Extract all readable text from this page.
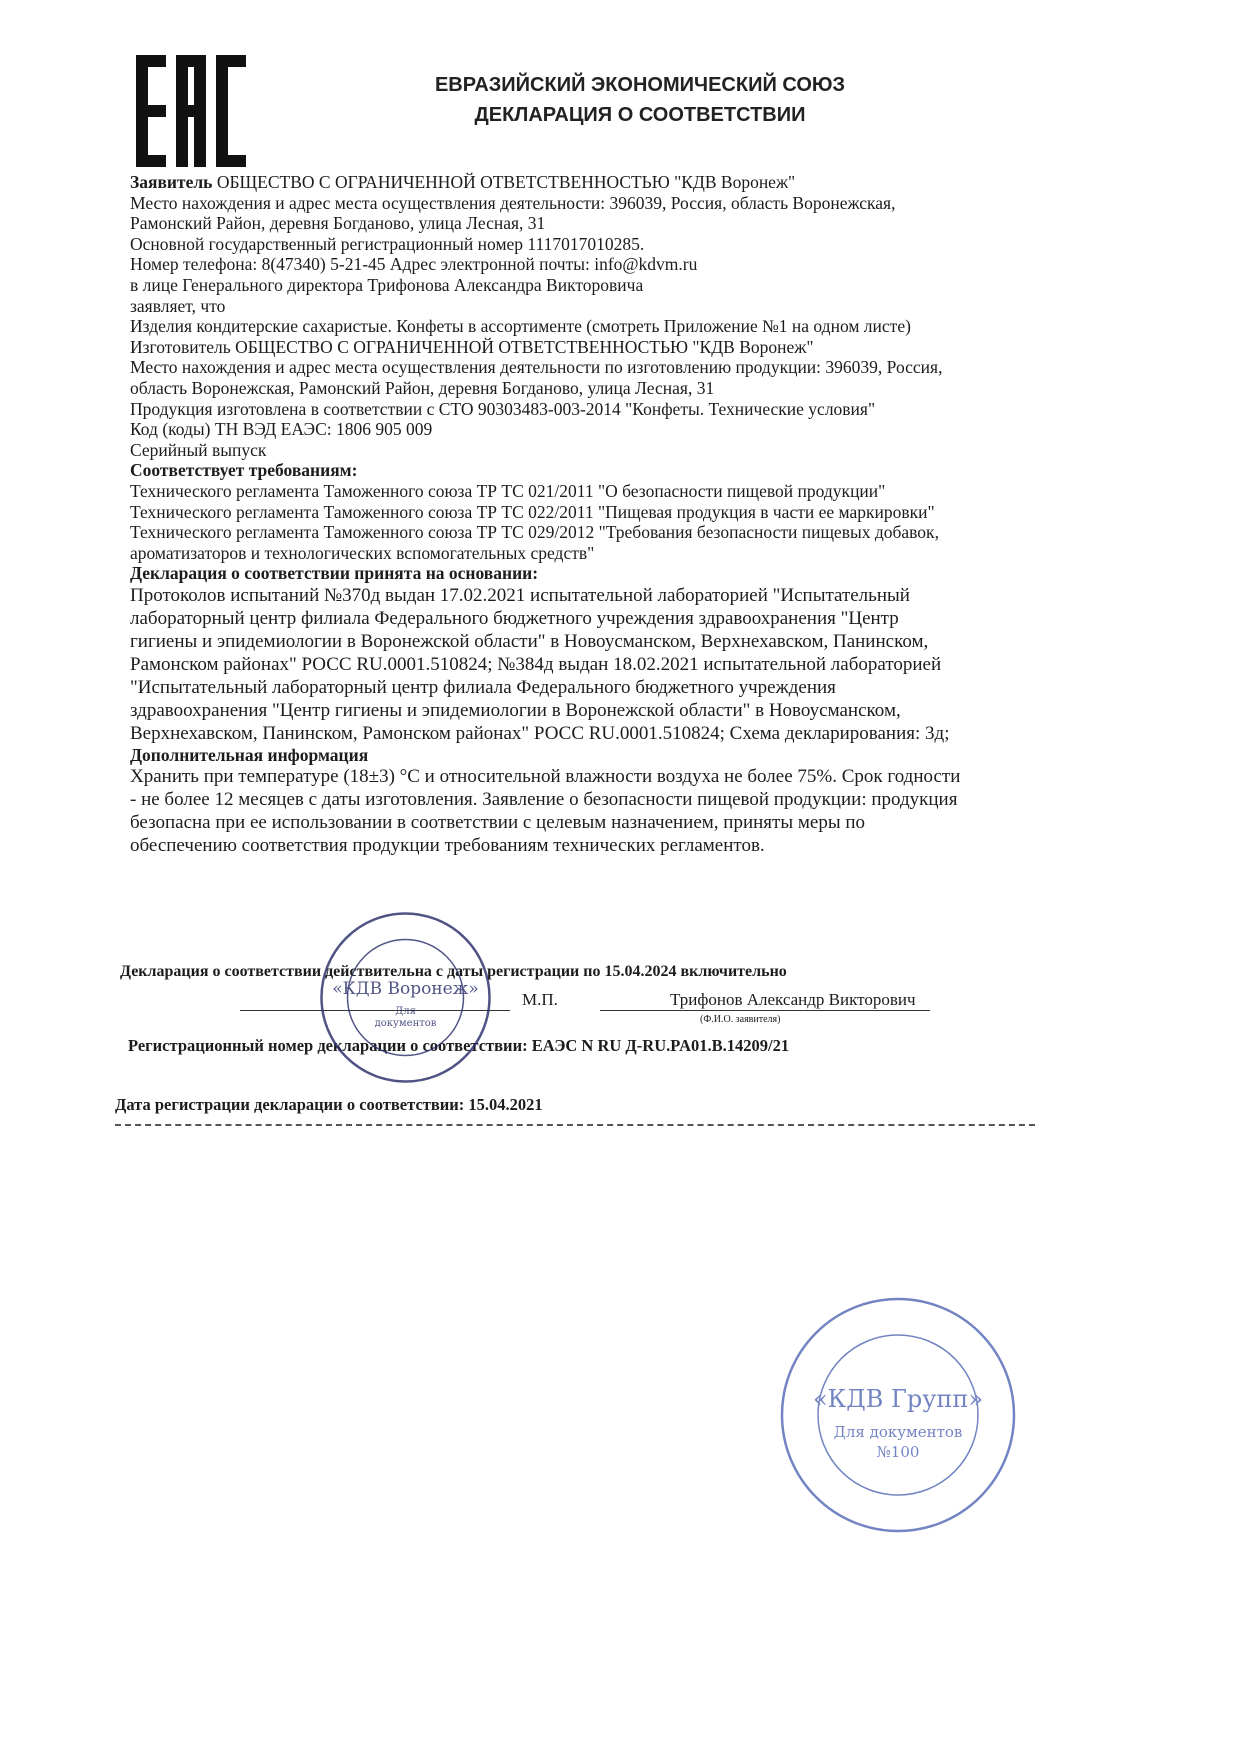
ЕВРАЗИЙСКИЙ ЭКОНОМИЧЕСКИЙ СОЮЗ
ДЕКЛАРАЦИЯ О СООТВЕТСТВИИ
Заявитель ОБЩЕСТВО С ОГРАНИЧЕННОЙ ОТВЕТСТВЕННОСТЬЮ "КДВ Воронеж"
Место нахождения и адрес места осуществления деятельности: 396039, Россия, область Воронежская,
Рамонский Район, деревня Богданово, улица Лесная, 31
Основной государственный регистрационный номер 1117017010285.
Номер телефона: 8(47340) 5-21-45 Адрес электронной почты: info@kdvm.ru
в лице Генерального директора Трифонова Александра Викторовича
заявляет, что
Изделия кондитерские сахаристые. Конфеты в ассортименте (смотреть Приложение №1 на одном листе)
Изготовитель ОБЩЕСТВО С ОГРАНИЧЕННОЙ ОТВЕТСТВЕННОСТЬЮ "КДВ Воронеж"
Место нахождения и адрес места осуществления деятельности по изготовлению продукции: 396039, Россия,
область Воронежская, Рамонский Район, деревня Богданово, улица Лесная, 31
Продукция изготовлена в соответствии с СТО 90303483-003-2014 "Конфеты. Технические условия"
Код (коды) ТН ВЭД ЕАЭС: 1806 905 009
Серийный выпуск
Соответствует требованиям:
Технического регламента Таможенного союза ТР ТС 021/2011 "О безопасности пищевой продукции"
Технического регламента Таможенного союза ТР ТС 022/2011 "Пищевая продукция в части ее маркировки"
Технического регламента Таможенного союза ТР ТС 029/2012 "Требования безопасности пищевых добавок,
ароматизаторов и технологических вспомогательных средств"
Декларация о соответствии принята на основании:
Протоколов испытаний №370д выдан 17.02.2021 испытательной лабораторией "Испытательный
лабораторный центр филиала Федерального бюджетного учреждения здравоохранения "Центр
гигиены и эпидемиологии в Воронежской области" в Новоусманском, Верхнехавском, Панинском,
Рамонском районах" РОСС RU.0001.510824; №384д выдан 18.02.2021 испытательной лабораторией
"Испытательный лабораторный центр филиала Федерального бюджетного учреждения
здравоохранения "Центр гигиены и эпидемиологии в Воронежской области" в Новоусманском,
Верхнехавском, Панинском, Рамонском районах" РОСС RU.0001.510824; Схема декларирования: 3д;
Дополнительная информация
Хранить при температуре (18±3) °С и относительной влажности воздуха не более 75%. Срок годности
- не более 12 месяцев с даты изготовления. Заявление о безопасности пищевой продукции: продукция
безопасна при ее использовании в соответствии с целевым назначением, приняты меры по
обеспечению соответствия продукции требованиям технических регламентов.
Декларация о соответствии действительна с даты регистрации по 15.04.2024 включительно
М.П.	Трифонов Александр Викторович
(Ф.И.О. заявителя)
Регистрационный номер декларации о соответствии: ЕАЭС N RU Д-RU.PA01.B.14209/21
Дата регистрации декларации о соответствии: 15.04.2021
«КДВ Воронеж»
Для
документов
«КДВ Групп»
Для документов
№100
